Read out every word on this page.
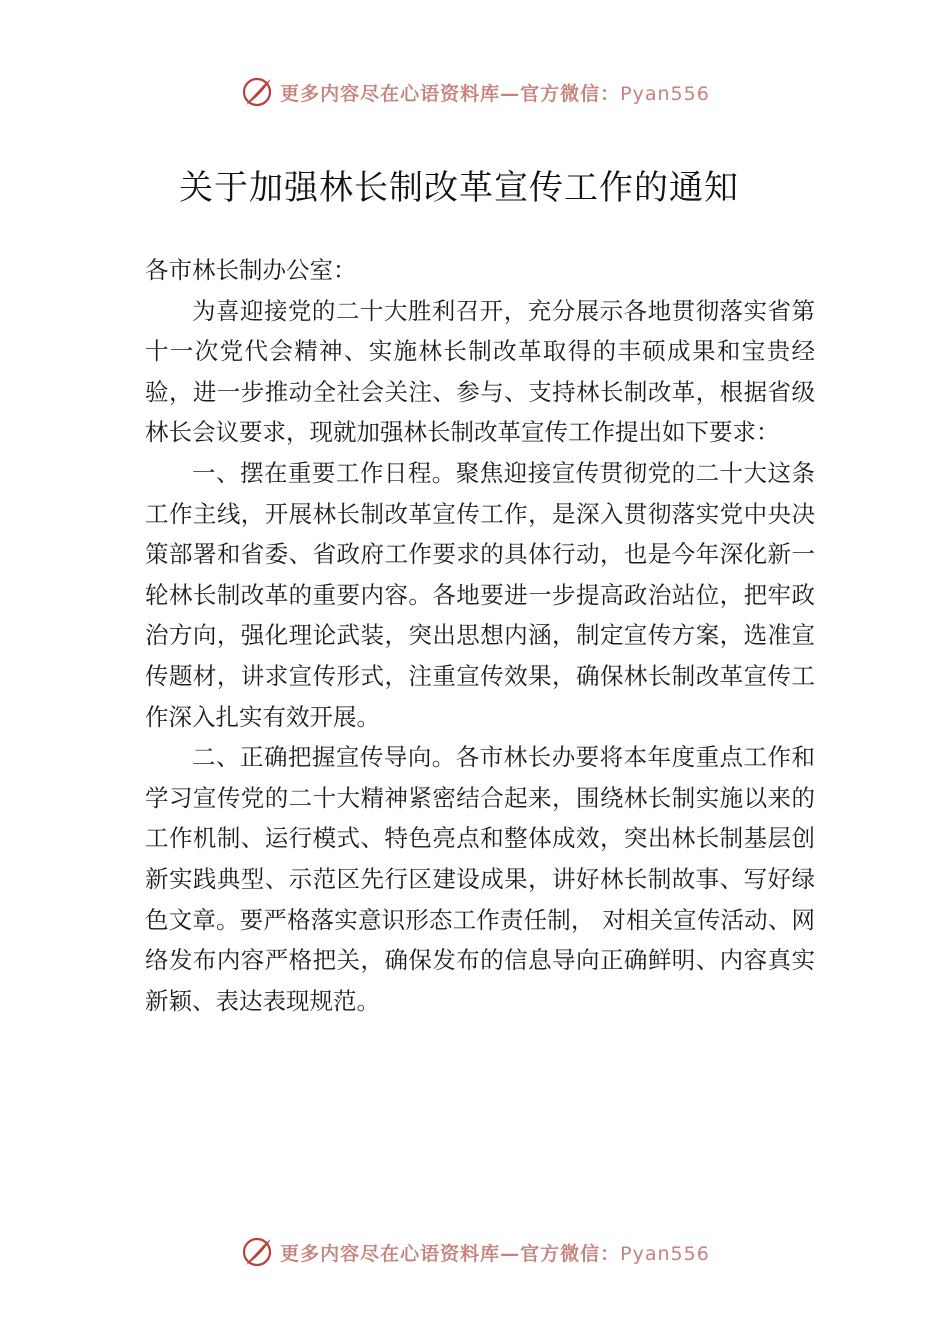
更多内容尽在心语资料库—官方微信：Pyan556
关于加强林长制改革宣传工作的通知

各市林长制办公室：

为喜迎接党的二十大胜利召开，充分展示各地贯彻落实省第十一次党代会精神、实施林长制改革取得的丰硕成果和宝贵经验，进一步推动全社会关注、参与、支持林长制改革，根据省级林长会议要求，现就加强林长制改革宣传工作提出如下要求：

一、摆在重要工作日程。聚焦迎接宣传贯彻党的二十大这条工作主线，开展林长制改革宣传工作，是深入贯彻落实党中央决策部署和省委、省政府工作要求的具体行动，也是今年深化新一轮林长制改革的重要内容。各地要进一步提高政治站位，把牢政治方向，强化理论武装，突出思想内涵，制定宣传方案，选准宣传题材，讲求宣传形式，注重宣传效果，确保林长制改革宣传工作深入扎实有效开展。

二、正确把握宣传导向。各市林长办要将本年度重点工作和学习宣传党的二十大精神紧密结合起来，围绕林长制实施以来的工作机制、运行模式、特色亮点和整体成效，突出林长制基层创新实践典型、示范区先行区建设成果，讲好林长制故事、写好绿色文章。要严格落实意识形态工作责任制， 对相关宣传活动、网络发布内容严格把关，确保发布的信息导向正确鲜明、内容真实新颖、表达表现规范。

更多内容尽在心语资料库—官方微信：Pyan556
